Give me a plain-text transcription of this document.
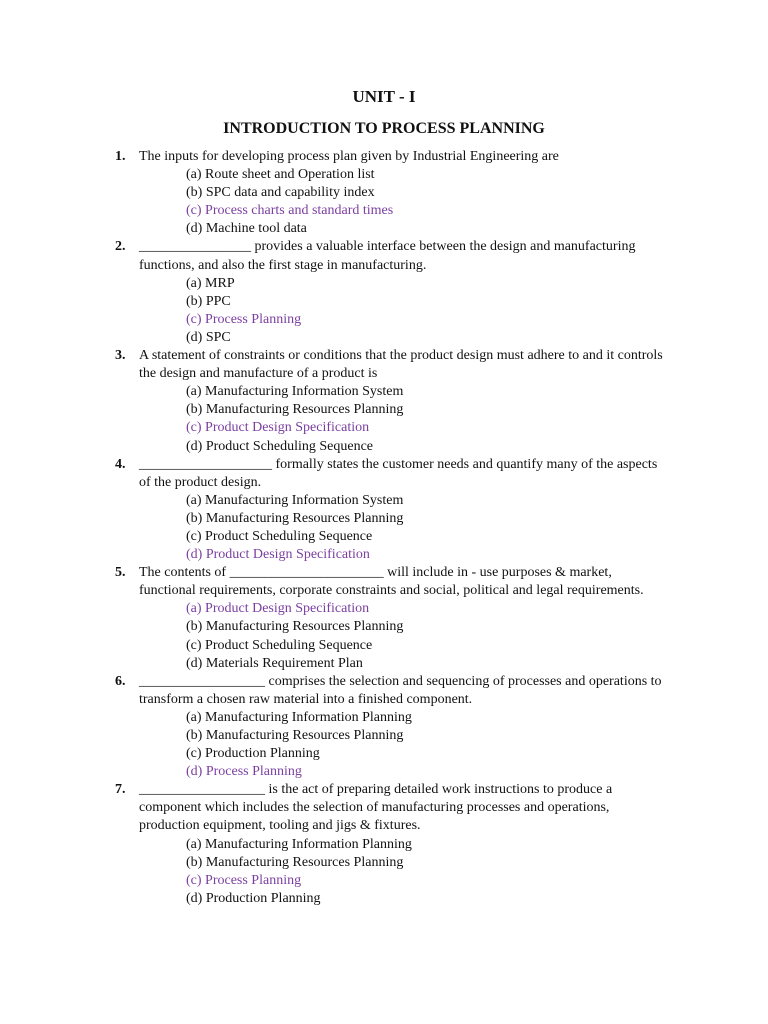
UNIT - I
INTRODUCTION TO PROCESS PLANNING
1. The inputs for developing process plan given by Industrial Engineering are
(a) Route sheet and Operation list
(b) SPC data and capability index
(c) Process charts and standard times
(d) Machine tool data
2. ________________ provides a valuable interface between the design and manufacturing functions, and also the first stage in manufacturing.
(a) MRP
(b) PPC
(c) Process Planning
(d) SPC
3. A statement of constraints or conditions that the product design must adhere to and it controls the design and manufacture of a product is
(a) Manufacturing Information System
(b) Manufacturing Resources Planning
(c) Product Design Specification
(d) Product Scheduling Sequence
4. ___________________ formally states the customer needs and quantify many of the aspects of the product design.
(a) Manufacturing Information System
(b) Manufacturing Resources Planning
(c) Product Scheduling Sequence
(d) Product Design Specification
5. The contents of ______________________ will include in - use purposes & market, functional requirements, corporate constraints and social, political and legal requirements.
(a) Product Design Specification
(b) Manufacturing Resources Planning
(c) Product Scheduling Sequence
(d) Materials Requirement Plan
6. __________________ comprises the selection and sequencing of processes and operations to transform a chosen raw material into a finished component.
(a) Manufacturing Information Planning
(b) Manufacturing Resources Planning
(c) Production Planning
(d) Process Planning
7. __________________ is the act of preparing detailed work instructions to produce a component which includes the selection of manufacturing processes and operations, production equipment, tooling and jigs & fixtures.
(a) Manufacturing Information Planning
(b) Manufacturing Resources Planning
(c) Process Planning
(d) Production Planning
